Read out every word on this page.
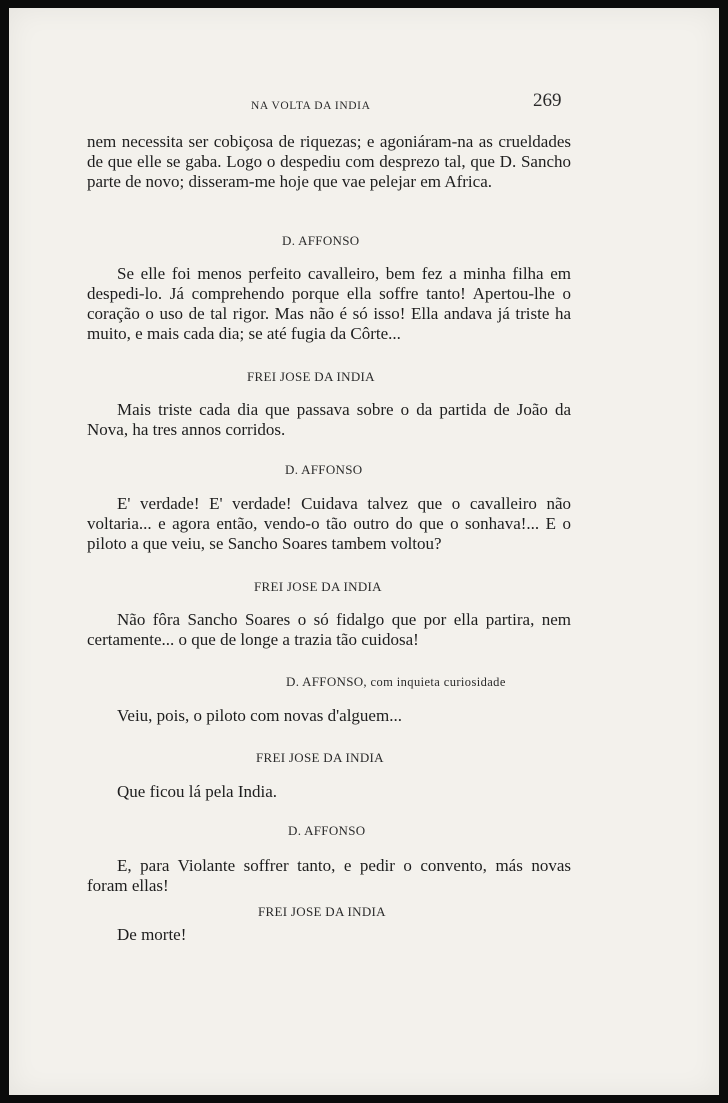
NA VOLTA DA INDIA	269

nem necessita ser cobiçosa de riquezas; e agoniáram-na as crueldades de que elle se gaba. Logo o despediu com desprezo tal, que D. Sancho parte de novo; disseram-me hoje que vae pelejar em Africa.

D. AFFONSO

Se elle foi menos perfeito cavalleiro, bem fez a minha filha em despedi-lo. Já comprehendo porque ella soffre tanto! Apertou-lhe o coração o uso de tal rigor. Mas não é só isso! Ella andava já triste ha muito, e mais cada dia; se até fugia da Côrte...

FREI JOSE DA INDIA

Mais triste cada dia que passava sobre o da partida de João da Nova, ha tres annos corridos.

D. AFFONSO

E' verdade! E' verdade! Cuidava talvez que o cavalleiro não voltaria... e agora então, vendo-o tão outro do que o sonhava!... E o piloto a que veiu, se Sancho Soares tambem voltou?

FREI JOSE DA INDIA

Não fôra Sancho Soares o só fidalgo que por ella partira, nem certamente... o que de longe a trazia tão cuidosa!

D. AFFONSO, com inquieta curiosidade

Veiu, pois, o piloto com novas d'alguem...

FREI JOSE DA INDIA

Que ficou lá pela India.

D. AFFONSO

E, para Violante soffrer tanto, e pedir o convento, más novas foram ellas!

FREI JOSE DA INDIA

De morte!
